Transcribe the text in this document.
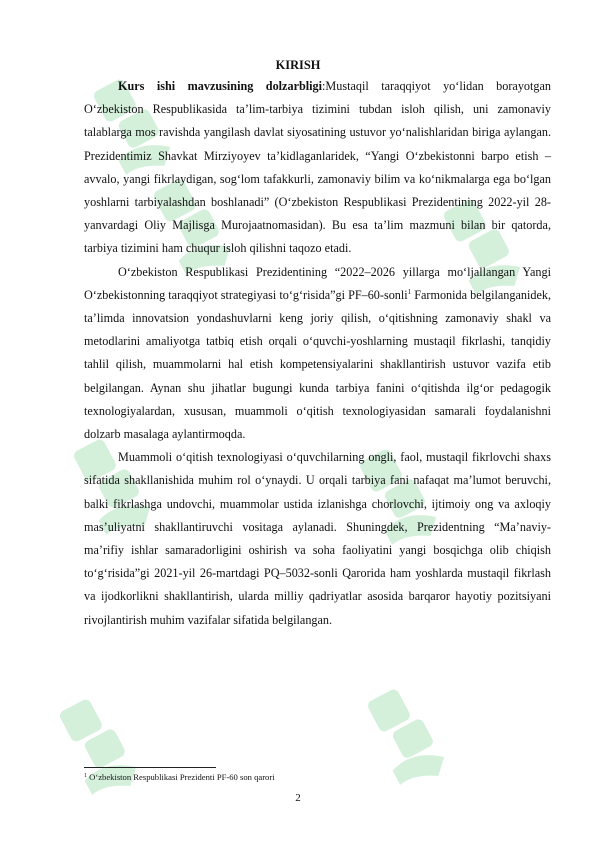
KIRISH

Kurs ishi mavzusining dolzarbligi:Mustaqil taraqqiyot yo‘lidan borayotgan O‘zbekiston Respublikasida ta’lim-tarbiya tizimini tubdan isloh qilish, uni zamonaviy talablarga mos ravishda yangilash davlat siyosatining ustuvor yo‘nalishlaridan biriga aylangan. Prezidentimiz Shavkat Mirziyoyev ta’kidlaganlaridek, “Yangi O‘zbekistonni barpo etish – avvalo, yangi fikrlaydigan, sog‘lom tafakkurli, zamonaviy bilim va ko‘nikmalarga ega bo‘lgan yoshlarni tarbiyalashdan boshlanadi” (O‘zbekiston Respublikasi Prezidentining 2022-yil 28-yanvardagi Oliy Majlisga Murojaatnomasidan). Bu esa ta’lim mazmuni bilan bir qatorda, tarbiya tizimini ham chuqur isloh qilishni taqozo etadi.

O‘zbekiston Respublikasi Prezidentining “2022–2026 yillarga mo‘ljallangan Yangi O‘zbekistonning taraqqiyot strategiyasi to‘g‘risida”gi PF–60-sonli$^1$ Farmonida belgilanganidek, ta’limda innovatsion yondashuvlarni keng joriy qilish, o‘qitishning zamonaviy shakl va metodlarini amaliyotga tatbiq etish orqali o‘quvchi-yoshlarning mustaqil fikrlashi, tanqidiy tahlil qilish, muammolarni hal etish kompetensiyalarini shakllantirish ustuvor vazifa etib belgilangan. Aynan shu jihatlar bugungi kunda tarbiya fanini o‘qitishda ilg‘or pedagogik texnologiyalardan, xususan, muammoli o‘qitish texnologiyasidan samarali foydalanishni dolzarb masalaga aylantirmoqda.

Muammoli o‘qitish texnologiyasi o‘quvchilarning ongli, faol, mustaqil fikrlovchi shaxs sifatida shakllanishida muhim rol o‘ynaydi. U orqali tarbiya fani nafaqat ma’lumot beruvchi, balki fikrlashga undovchi, muammolar ustida izlanishga chorlovchi, ijtimoiy ong va axloqiy mas’uliyatni shakllantiruvchi vositaga aylanadi. Shuningdek, Prezidentning “Ma’naviy-ma’rifiy ishlar samaradorligini oshirish va soha faoliyatini yangi bosqichga olib chiqish to‘g‘risida”gi 2021-yil 26-martdagi PQ–5032-sonli Qarorida ham yoshlarda mustaqil fikrlash va ijodkorlikni shakllantirish, ularda milliy qadriyatlar asosida barqaror hayotiy pozitsiyani rivojlantirish muhim vazifalar sifatida belgilangan.

$^1$ O‘zbekiston Respublikasi Prezidenti PF-60 son qarori

2
